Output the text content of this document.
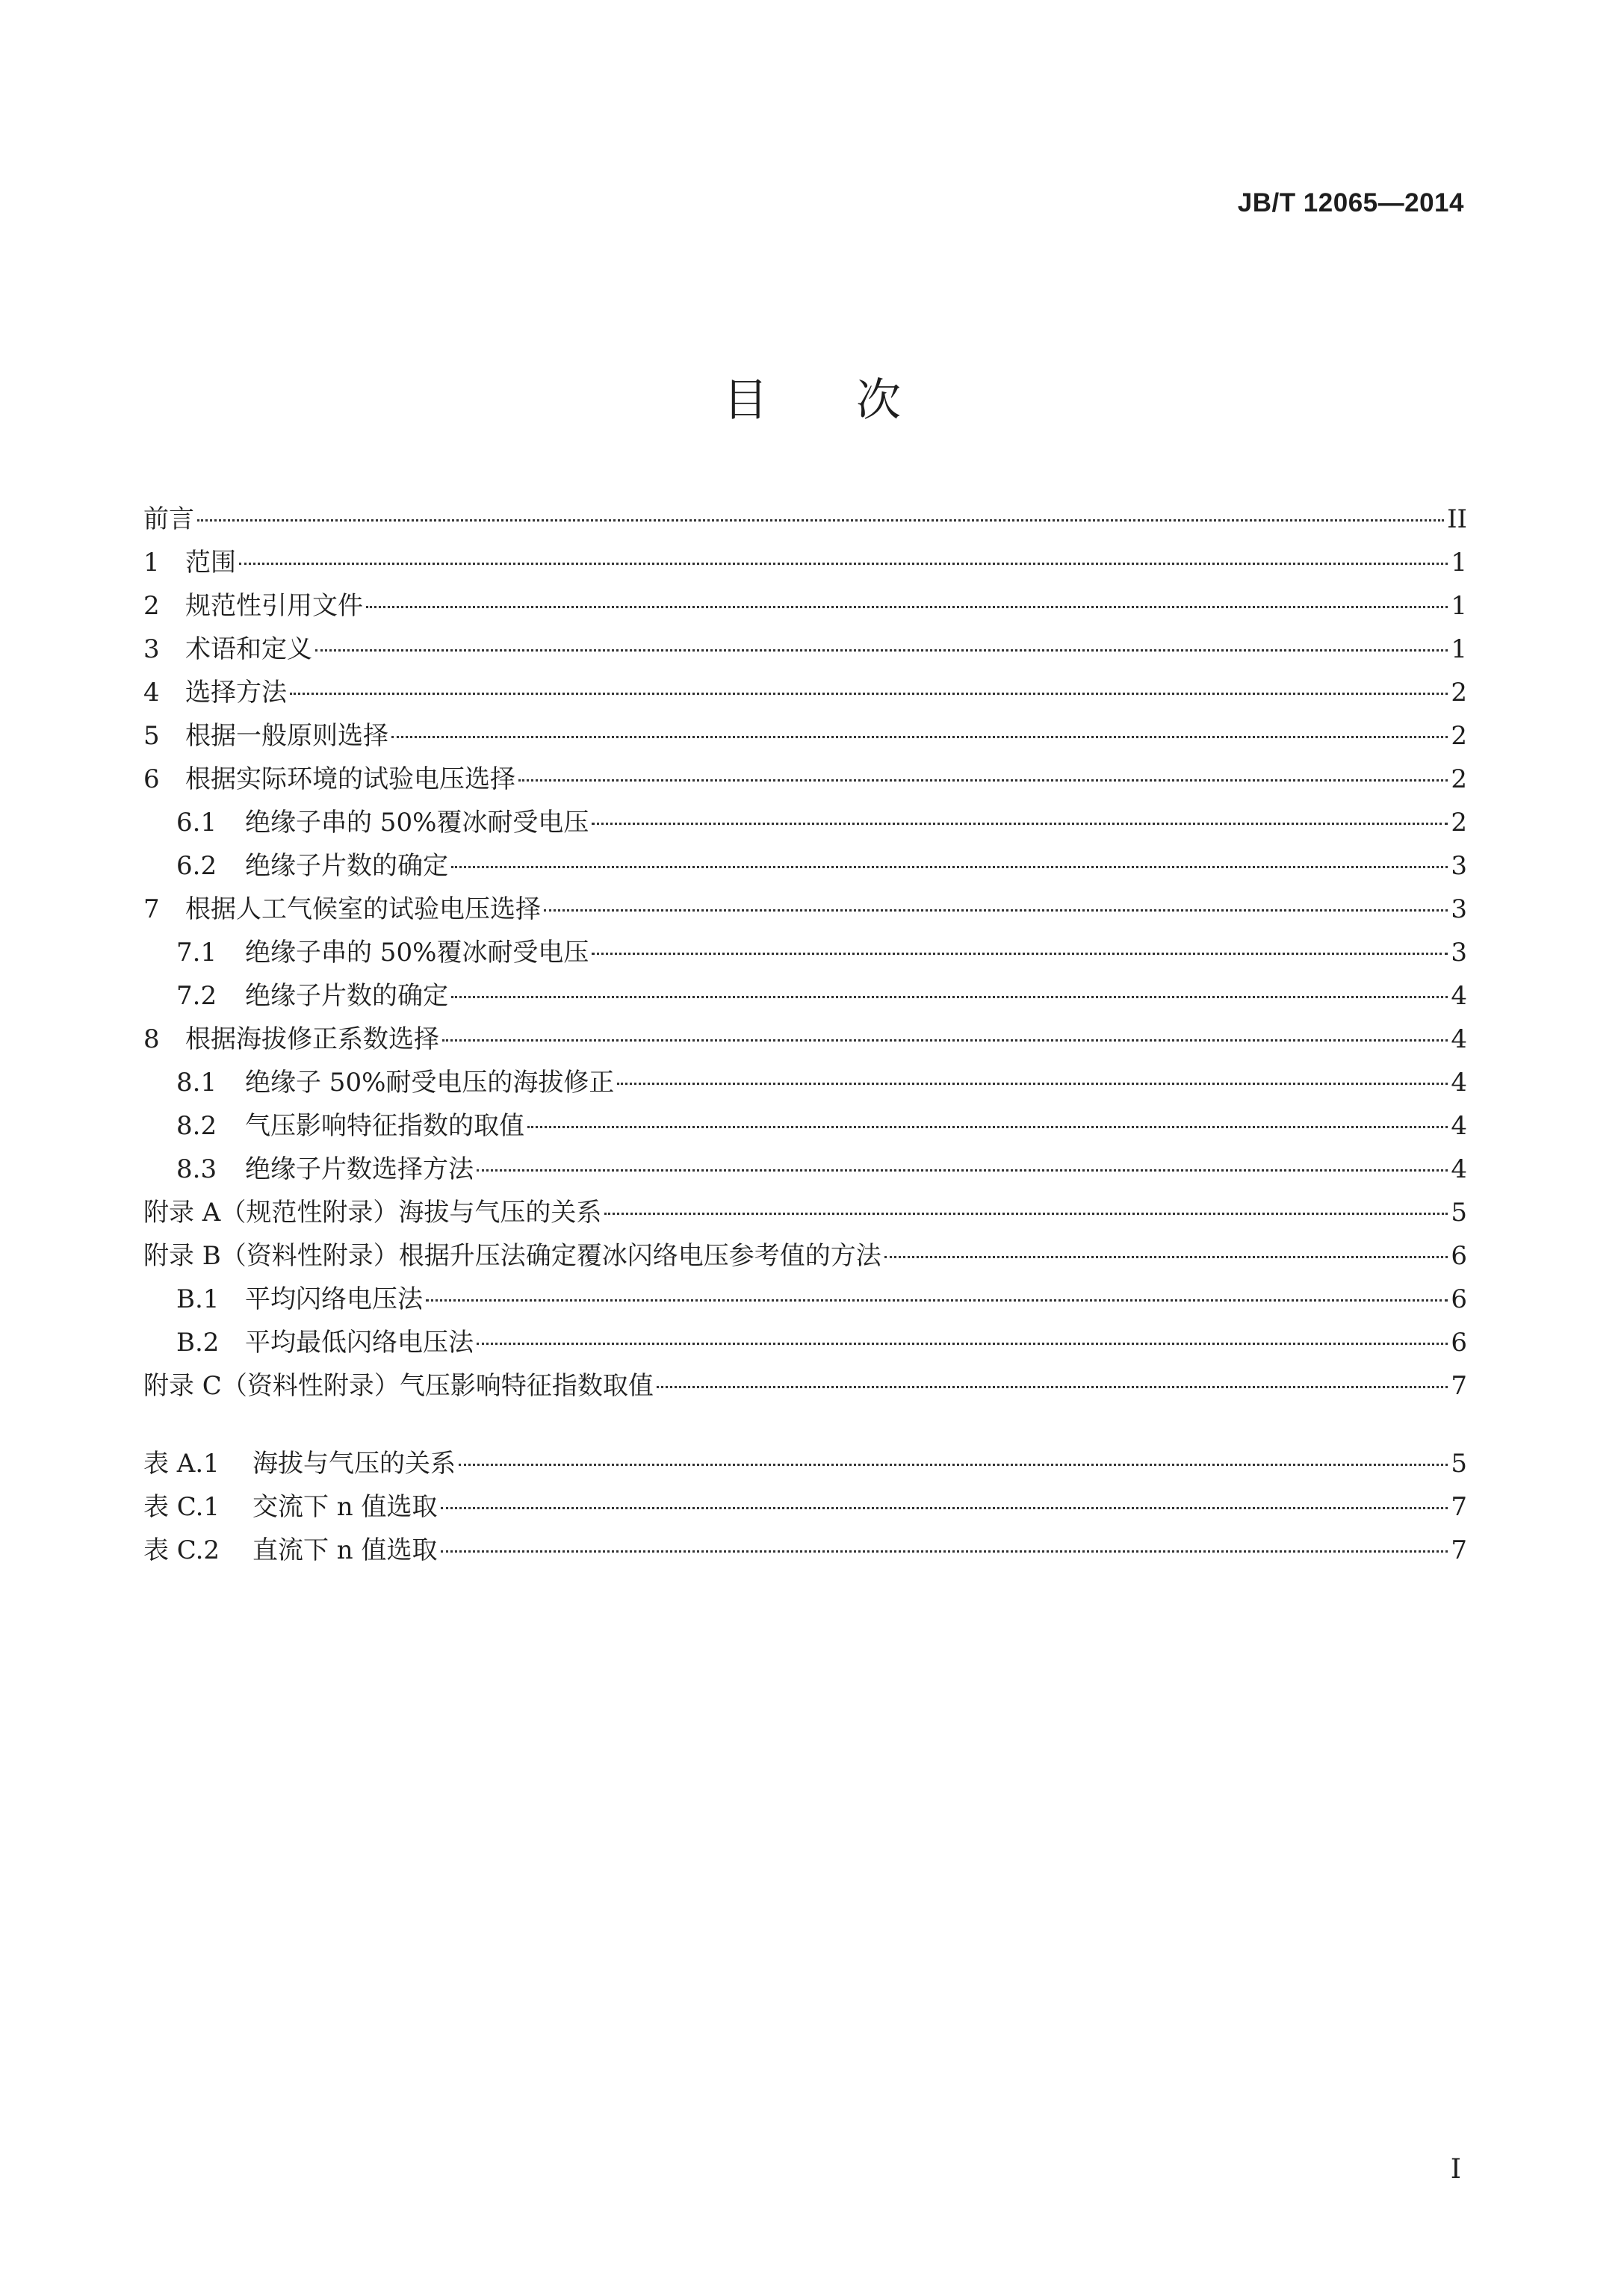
JB/T 12065—2014
目次
前言	II
1	范围	1
2	规范性引用文件	1
3	术语和定义	1
4	选择方法	2
5	根据一般原则选择	2
6	根据实际环境的试验电压选择	2
6.1	绝缘子串的 50%覆冰耐受电压	2
6.2	绝缘子片数的确定	3
7	根据人工气候室的试验电压选择	3
7.1	绝缘子串的 50%覆冰耐受电压	3
7.2	绝缘子片数的确定	4
8	根据海拔修正系数选择	4
8.1	绝缘子 50%耐受电压的海拔修正	4
8.2	气压影响特征指数的取值	4
8.3	绝缘子片数选择方法	4
附录 A（规范性附录）海拔与气压的关系	5
附录 B（资料性附录）根据升压法确定覆冰闪络电压参考值的方法	6
B.1	平均闪络电压法	6
B.2	平均最低闪络电压法	6
附录 C（资料性附录）气压影响特征指数取值	7
表 A.1	海拔与气压的关系	5
表 C.1	交流下 n 值选取	7
表 C.2	直流下 n 值选取	7
I
